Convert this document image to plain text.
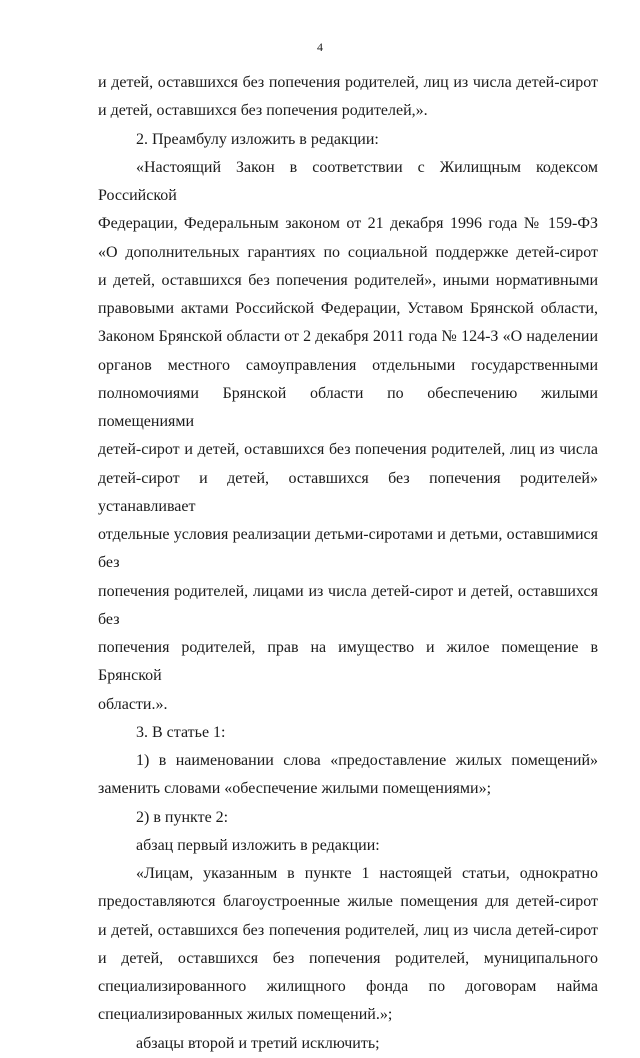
4
и детей, оставшихся без попечения родителей, лиц из числа детей-сирот
и детей, оставшихся без попечения родителей,».
2. Преамбулу изложить в редакции:
«Настоящий Закон в соответствии с Жилищным кодексом Российской
Федерации, Федеральным законом от 21 декабря 1996 года № 159-ФЗ
«О дополнительных гарантиях по социальной поддержке детей-сирот
и детей, оставшихся без попечения родителей», иными нормативными
правовыми актами Российской Федерации, Уставом Брянской области,
Законом Брянской области от 2 декабря 2011 года № 124-З «О наделении
органов местного самоуправления отдельными государственными
полномочиями Брянской области по обеспечению жилыми помещениями
детей-сирот и детей, оставшихся без попечения родителей, лиц из числа
детей-сирот и детей, оставшихся без попечения родителей» устанавливает
отдельные условия реализации детьми-сиротами и детьми, оставшимися без
попечения родителей, лицами из числа детей-сирот и детей, оставшихся без
попечения родителей, прав на имущество и жилое помещение в Брянской
области.».
3. В статье 1:
1) в наименовании слова «предоставление жилых помещений»
заменить словами «обеспечение жилыми помещениями»;
2) в пункте 2:
абзац первый изложить в редакции:
«Лицам, указанным в пункте 1 настоящей статьи, однократно
предоставляются благоустроенные жилые помещения для детей-сирот
и детей, оставшихся без попечения родителей, лиц из числа детей-сирот
и детей, оставшихся без попечения родителей, муниципального
специализированного жилищного фонда по договорам найма
специализированных жилых помещений.»;
абзацы второй и третий исключить;
